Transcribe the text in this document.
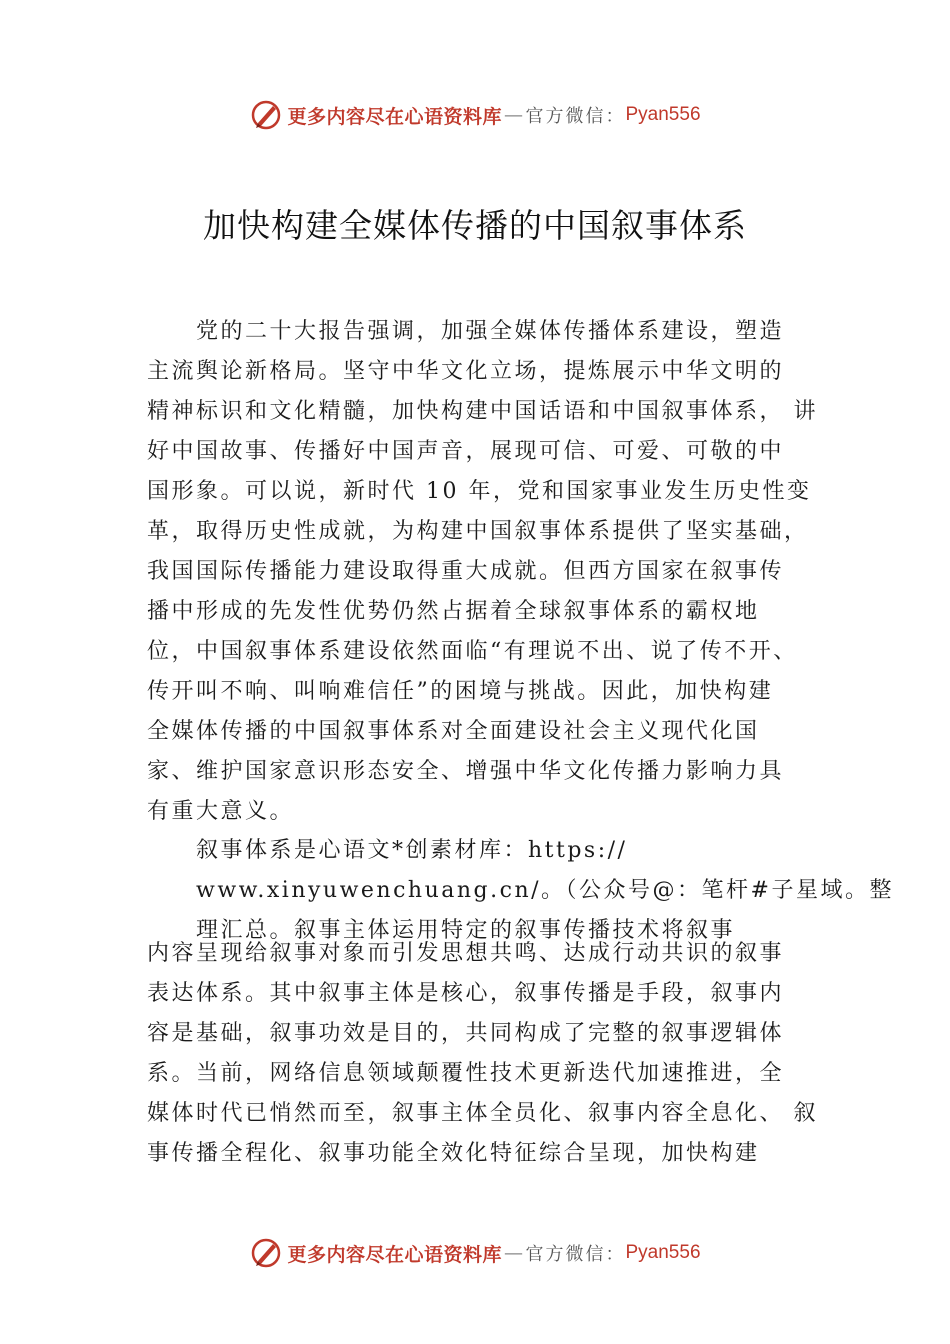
更多内容尽在心语资料库 — 官方微信： Pyan556
加快构建全媒体传播的中国叙事体系
　　党的二十大报告强调，加强全媒体传播体系建设，塑造
主流舆论新格局。坚守中华文化立场，提炼展示中华文明的
精神标识和文化精髓，加快构建中国话语和中国叙事体系， 讲
好中国故事、传播好中国声音，展现可信、可爱、可敬的中
国形象。可以说，新时代 10 年，党和国家事业发生历史性变
革，取得历史性成就，为构建中国叙事体系提供了坚实基础，
我国国际传播能力建设取得重大成就。但西方国家在叙事传
播中形成的先发性优势仍然占据着全球叙事体系的霸权地
位，中国叙事体系建设依然面临“有理说不出、说了传不开、
传开叫不响、叫响难信任”的困境与挑战。因此，加快构建
全媒体传播的中国叙事体系对全面建设社会主义现代化国
家、维护国家意识形态安全、增强中华文化传播力影响力具
有重大意义。
叙事体系是心语文*创素材库：https://
www.xinyuwenchuang.cn/。（公众号@：笔杆#子星域。整
理汇总。叙事主体运用特定的叙事传播技术将叙事
内容呈现给叙事对象而引发思想共鸣、达成行动共识的叙事
表达体系。其中叙事主体是核心，叙事传播是手段，叙事内
容是基础，叙事功效是目的，共同构成了完整的叙事逻辑体
系。当前，网络信息领域颠覆性技术更新迭代加速推进，全
媒体时代已悄然而至，叙事主体全员化、叙事内容全息化、 叙
事传播全程化、叙事功能全效化特征综合呈现，加快构建
更多内容尽在心语资料库 — 官方微信： Pyan556
